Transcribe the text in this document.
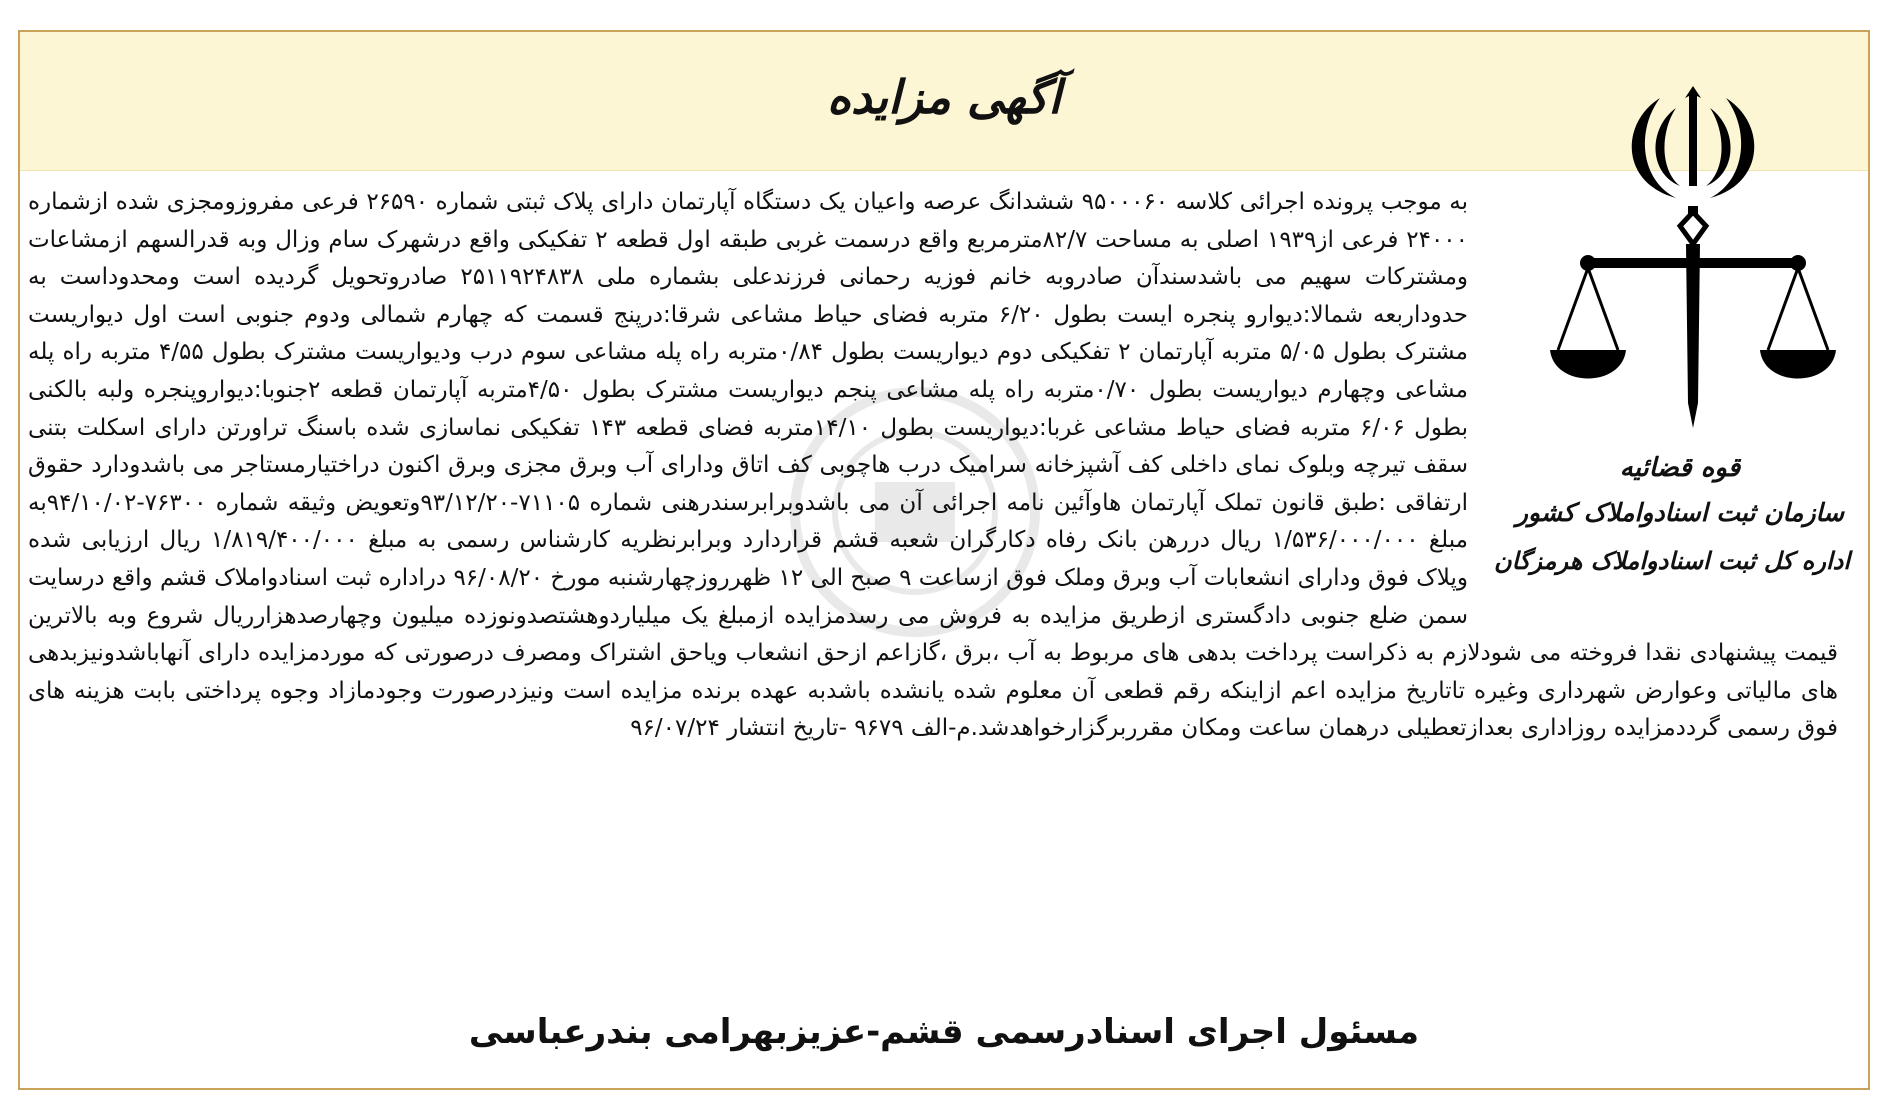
آگهی مزایده
قوه قضائیه
سازمان ثبت اسنادواملاک کشور
اداره کل ثبت اسنادواملاک هرمزگان
به موجب پرونده اجرائی کلاسه ۹۵۰۰۰۶۰ ششدانگ عرصه واعیان یک دستگاه آپارتمان دارای پلاک ثبتی شماره ۲۶۵۹۰ فرعی مفروزومجزی شده ازشماره ۲۴۰۰۰ فرعی از۱۹۳۹ اصلی به مساحت ۸۲/۷مترمربع واقع درسمت غربی طبقه اول قطعه ۲ تفکیکی واقع درشهرک سام وزال وبه قدرالسهم ازمشاعات ومشترکات سهیم می باشدسندآن صادروبه خانم فوزیه رحمانی فرزندعلی بشماره ملی ۲۵۱۱۹۲۴۸۳۸ صادروتحویل گردیده است ومحدوداست به حدوداربعه شمالا:دیوارو پنجره ایست بطول ۶/۲۰ متربه فضای حیاط مشاعی شرقا:درپنج قسمت که چهارم شمالی ودوم جنوبی است اول دیواریست مشترک بطول ۵/۰۵ متربه آپارتمان ۲ تفکیکی دوم دیواریست بطول ۰/۸۴متربه راه پله مشاعی سوم درب ودیواریست مشترک بطول ۴/۵۵ متربه راه پله مشاعی وچهارم دیواریست بطول ۰/۷۰متربه راه پله مشاعی پنجم دیواریست مشترک بطول ۴/۵۰متربه آپارتمان قطعه ۲جنوبا:دیواروپنجره ولبه بالکنی بطول ۶/۰۶ متربه فضای حیاط مشاعی غربا:دیواریست بطول ۱۴/۱۰متربه فضای قطعه ۱۴۳ تفکیکی نماسازی شده باسنگ تراورتن دارای اسکلت بتنی سقف تیرچه وبلوک نمای داخلی کف آشپزخانه سرامیک درب هاچوبی کف اتاق ودارای آب وبرق مجزی وبرق اکنون دراختیارمستاجر می باشدودارد حقوق ارتفاقی :طبق قانون تملک آپارتمان هاوآئین نامه اجرائی آن می باشدوبرابرسندرهنی شماره ۷۱۱۰۵-۹۳/۱۲/۲۰وتعویض وثیقه شماره ۷۶۳۰۰-۹۴/۱۰/۰۲به مبلغ ۱/۵۳۶/۰۰۰/۰۰۰ ریال دررهن بانک رفاه دکارگران شعبه قشم قراردارد وبرابرنظریه کارشناس رسمی به مبلغ ۱/۸۱۹/۴۰۰/۰۰۰ ریال ارزیابی شده وپلاک فوق ودارای انشعابات آب وبرق وملک فوق ازساعت ۹ صبح الی ۱۲ ظهرروزچهارشنبه مورخ ۹۶/۰۸/۲۰ دراداره ثبت اسنادواملاک قشم واقع درسایت سمن ضلع جنوبی دادگستری ازطریق مزایده به فروش می رسدمزایده ازمبلغ یک میلیاردوهشتصدونوزده میلیون وچهارصدهزارریال شروع وبه بالاترین قیمت پیشنهادی نقدا فروخته می شودلازم به ذکراست پرداخت بدهی های مربوط به آب ،برق ،گازاعم ازحق انشعاب وياحق اشتراک ومصرف درصورتی که موردمزایده دارای آنهاباشدونیزبدهی های مالیاتی وعوارض شهرداری وغیره تاتاریخ مزایده اعم ازاینکه رقم قطعی آن معلوم شده یانشده باشدبه عهده برنده مزایده است ونیزدرصورت وجودمازاد وجوه پرداختی بابت هزینه های فوق رسمی گرددمزایده روزاداری بعدازتعطیلی درهمان ساعت ومکان مقرربرگزارخواهدشد.م-الف ۹۶۷۹ -تاریخ انتشار ۹۶/۰۷/۲۴
مسئول اجرای اسنادرسمی قشم-عزیزبهرامی بندرعباسی
